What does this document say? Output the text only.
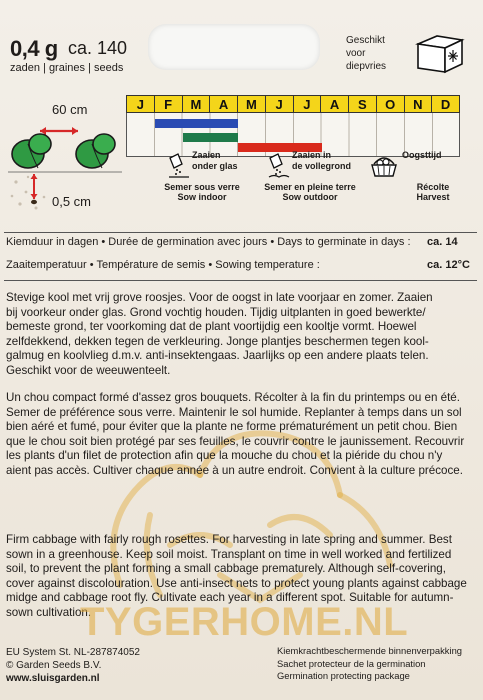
0,4 g ca. 140
zaden | graines | seeds
Geschikt
voor
diepvries
60 cm
0,5 cm
J	F	M	A	M	J	J	A	S	O	N	D
Zaaien
onder glas
Semer sous verre
Sow indoor
Zaaien in
de vollegrond
Semer en pleine terre
Sow outdoor
Oogsttijd
Récolte
Harvest
Kiemduur in dagen • Durée de germination avec jours • Days to germinate in days : ca. 14
Zaaitemperatuur • Température de semis • Sowing temperature :	ca. 12°C
Stevige kool met vrij grove roosjes. Voor de oogst in late voorjaar en zomer. Zaaien
bij voorkeur onder glas. Grond vochtig houden. Tijdig uitplanten in goed bewerkte/
bemeste grond, ter voorkoming dat de plant voortijdig een kooltje vormt. Hoewel
zelfdekkend, dekken tegen de verkleuring. Jonge plantjes beschermen tegen kool-
galmug en koolvlieg d.m.v. anti-insektengaas. Jaarlijks op een andere plaats telen.
Geschikt voor de weeuwenteelt.
Un chou compact formé d'assez gros bouquets. Récolter à la fin du printemps ou en été.
Semer de préférence sous verre. Maintenir le sol humide. Replanter à temps dans un sol
bien aéré et fumé, pour éviter que la plante ne forme prématurément un petit chou. Bien
que le chou soit bien protégé par ses feuilles, le couvrir contre le jaunissement. Recouvrir
les plants d'un filet de protection afin que la mouche du chou et la piéride du chou n'y
aient pas accès. Cultiver chaque année à un autre endroit. Convient à la culture précoce.
Firm cabbage with fairly rough rosettes. For harvesting in late spring and summer. Best
sown in a greenhouse. Keep soil moist. Transplant on time in well worked and fertilized
soil, to prevent the plant forming a small cabbage prematurely. Although self-covering,
cover against discolouration. Use anti-insect nets to protect young plants against cabbage
midge and cabbage root fly. Cultivate each year in a different spot. Suitable for autumn-
sown cultivation.
TYGERHOME.NL
EU System St. NL-287874052
© Garden Seeds B.V.
www.sluisgarden.nl
Kiemkrachtbeschermende binnenverpakking
Sachet protecteur de la germination
Germination protecting package
